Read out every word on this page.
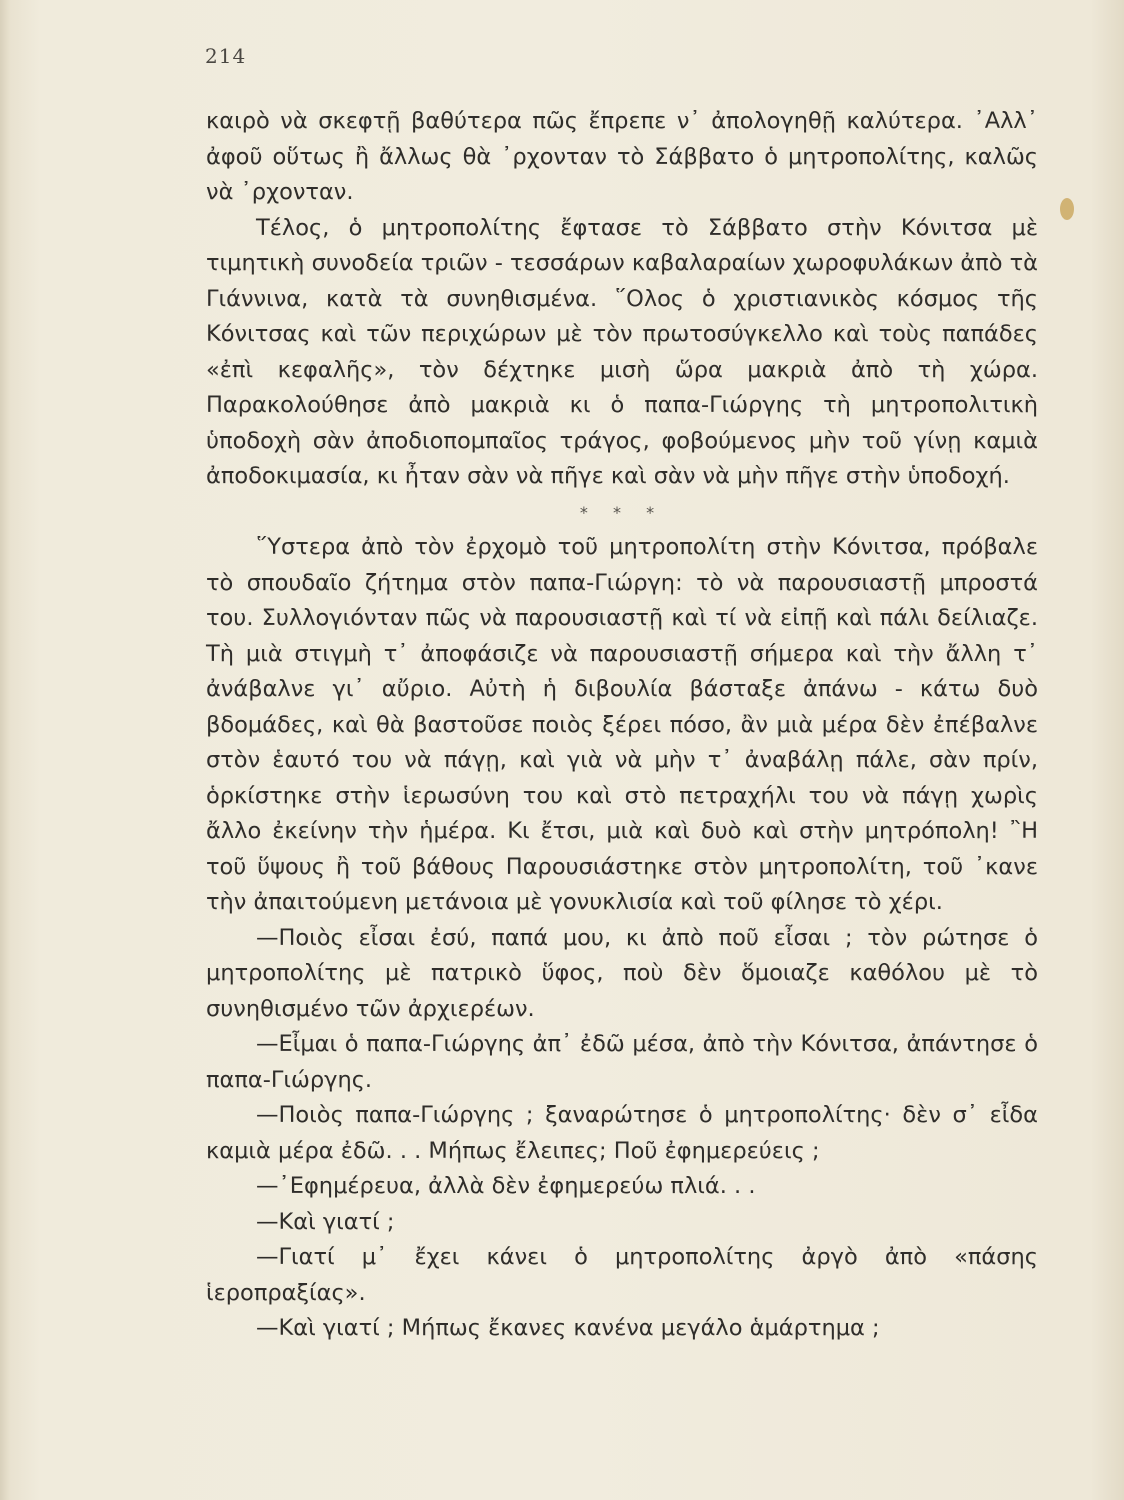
214

καιρὸ νὰ σκεφτῇ βαθύτερα πῶς ἔπρεπε ν᾽ ἀπολογηθῇ καλύτερα. ᾿Αλλ᾽ ἀφοῦ οὕτως ἢ ἄλλως θὰ ᾽ρχονταν τὸ Σάββατο ὁ μητροπολίτης, καλῶς νὰ ᾽ρχονταν.

Τέλος, ὁ μητροπολίτης ἔφτασε τὸ Σάββατο στὴν Κόνιτσα μὲ τιμητικὴ συνοδεία τριῶν - τεσσάρων καβαλαραίων χωροφυλάκων ἀπὸ τὰ Γιάννινα, κατὰ τὰ συνηθισμένα. ῞Ολος ὁ χριστιανικὸς κόσμος τῆς Κόνιτσας καὶ τῶν περιχώρων μὲ τὸν πρωτοσύγκελλο καὶ τοὺς παπάδες «ἐπὶ κεφαλῆς», τὸν δέχτηκε μισὴ ὥρα μακριὰ ἀπὸ τὴ χώρα. Παρακολούθησε ἀπὸ μακριὰ κι ὁ παπα-Γιώργης τὴ μητροπολιτικὴ ὑποδοχὴ σὰν ἀποδιοπομπαῖος τράγος, φοβούμενος μὴν τοῦ γίνῃ καμιὰ ἀποδοκιμασία, κι ἦταν σὰν νὰ πῆγε καὶ σὰν νὰ μὴν πῆγε στὴν ὑποδοχή.

* * *

῞Υστερα ἀπὸ τὸν ἐρχομὸ τοῦ μητροπολίτη στὴν Κόνιτσα, πρόβαλε τὸ σπουδαῖο ζήτημα στὸν παπα-Γιώργη: τὸ νὰ παρουσιαστῇ μπροστά του. Συλλογιόνταν πῶς νὰ παρουσιαστῇ καὶ τί νὰ εἰπῇ καὶ πάλι δείλιαζε. Τὴ μιὰ στιγμὴ τ᾽ ἀποφάσιζε νὰ παρουσιαστῇ σήμερα καὶ τὴν ἄλλη τ᾽ ἀνάβαλνε γι᾽ αὔριο. Αὐτὴ ἡ διβουλία βάσταξε ἀπάνω - κάτω δυὸ βδομάδες, καὶ θὰ βαστοῦσε ποιὸς ξέρει πόσο, ἂν μιὰ μέρα δὲν ἐπέβαλνε στὸν ἑαυτό του νὰ πάγῃ, καὶ γιὰ νὰ μὴν τ᾽ ἀναβάλῃ πάλε, σὰν πρίν, ὁρκίστηκε στὴν ἱερωσύνη του καὶ στὸ πετραχήλι του νὰ πάγῃ χωρὶς ἄλλο ἐκείνην τὴν ἡμέρα. Κι ἔτσι, μιὰ καὶ δυὸ καὶ στὴν μητρόπολη! ῍Η τοῦ ὕψους ἢ τοῦ βάθους Παρουσιάστηκε στὸν μητροπολίτη, τοῦ ᾽κανε τὴν ἀπαιτούμενη μετάνοια μὲ γονυκλισία καὶ τοῦ φίλησε τὸ χέρι.

—Ποιὸς εἶσαι ἐσύ, παπά μου, κι ἀπὸ ποῦ εἶσαι ; τὸν ρώτησε ὁ μητροπολίτης μὲ πατρικὸ ὕφος, ποὺ δὲν ὅμοιαζε καθόλου μὲ τὸ συνηθισμένο τῶν ἀρχιερέων.

—Εἶμαι ὁ παπα-Γιώργης ἀπ᾽ ἐδῶ μέσα, ἀπὸ τὴν Κόνιτσα, ἀπάντησε ὁ παπα-Γιώργης.

—Ποιὸς παπα-Γιώργης ; ξαναρώτησε ὁ μητροπολίτης· δὲν σ᾽ εἶδα καμιὰ μέρα ἐδῶ. . . Μήπως ἔλειπες; Ποῦ ἐφημερεύεις ;

—᾿Εφημέρευα, ἀλλὰ δὲν ἐφημερεύω πλιά. . .

—Καὶ γιατί ;

—Γιατί μ᾽ ἔχει κάνει ὁ μητροπολίτης ἀργὸ ἀπὸ «πάσης ἱεροπραξίας».

—Καὶ γιατί ; Μήπως ἔκανες κανένα μεγάλο ἁμάρτημα ;
